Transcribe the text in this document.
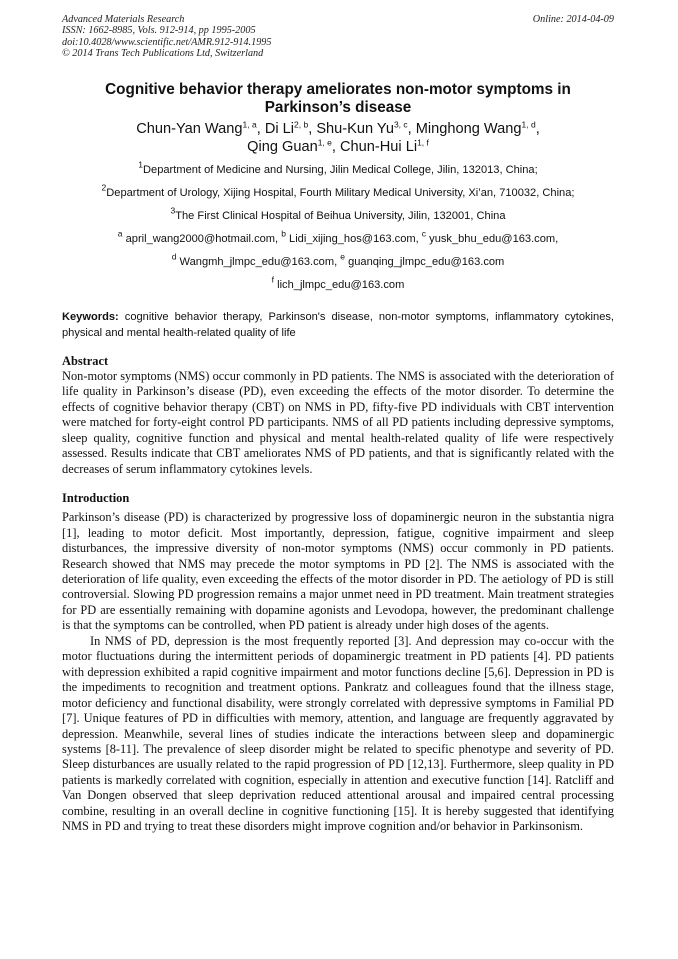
Advanced Materials Research
ISSN: 1662-8985, Vols. 912-914, pp 1995-2005
doi:10.4028/www.scientific.net/AMR.912-914.1995
© 2014 Trans Tech Publications Ltd, Switzerland
Online: 2014-04-09
Cognitive behavior therapy ameliorates non-motor symptoms in Parkinson’s disease
Chun-Yan Wang$^{1, a}$, Di Li$^{2, b}$, Shu-Kun Yu$^{3, c}$, Minghong Wang$^{1, d}$,
Qing Guan$^{1, e}$, Chun-Hui Li$^{1, f}$
$^1$Department of Medicine and Nursing, Jilin Medical College, Jilin, 132013, China;
$^2$Department of Urology, Xijing Hospital, Fourth Military Medical University, Xi’an, 710032, China;
$^3$The First Clinical Hospital of Beihua University, Jilin, 132001, China
$^a$ april_wang2000@hotmail.com, $^b$ Lidi_xijing_hos@163.com, $^c$ yusk_bhu_edu@163.com,
$^d$ Wangmh_jlmpc_edu@163.com, $^e$ guanqing_jlmpc_edu@163.com
$^f$ lich_jlmpc_edu@163.com
Keywords: cognitive behavior therapy, Parkinson's disease, non-motor symptoms, inflammatory cytokines, physical and mental health-related quality of life
Abstract

Non-motor symptoms (NMS) occur commonly in PD patients. The NMS is associated with the deterioration of life quality in Parkinson’s disease (PD), even exceeding the effects of the motor disorder. To determine the effects of cognitive behavior therapy (CBT) on NMS in PD, fifty-five PD individuals with CBT intervention were matched for forty-eight control PD participants. NMS of all PD patients including depressive symptoms, sleep quality, cognitive function and physical and mental health-related quality of life were respectively assessed. Results indicate that CBT ameliorates NMS of PD patients, and that is significantly related with the decreases of serum inflammatory cytokines levels.

Introduction

Parkinson’s disease (PD) is characterized by progressive loss of dopaminergic neuron in the substantia nigra [1], leading to motor deficit. Most importantly, depression, fatigue, cognitive impairment and sleep disturbances, the impressive diversity of non-motor symptoms (NMS) occur commonly in PD patients. Research showed that NMS may precede the motor symptoms in PD [2]. The NMS is associated with the deterioration of life quality, even exceeding the effects of the motor disorder in PD. The aetiology of PD is still controversial. Slowing PD progression remains a major unmet need in PD treatment. Main treatment strategies for PD are essentially remaining with dopamine agonists and Levodopa, however, the predominant challenge is that the symptoms can be controlled, when PD patient is already under high doses of the agents.

In NMS of PD, depression is the most frequently reported [3]. And depression may co-occur with the motor fluctuations during the intermittent periods of dopaminergic treatment in PD patients [4]. PD patients with depression exhibited a rapid cognitive impairment and motor functions decline [5,6]. Depression in PD is the impediments to recognition and treatment options. Pankratz and colleagues found that the illness stage, motor deficiency and functional disability, were strongly correlated with depressive symptoms in Familial PD [7]. Unique features of PD in difficulties with memory, attention, and language are frequently aggravated by depression. Meanwhile, several lines of studies indicate the interactions between sleep and dopaminergic systems [8-11]. The prevalence of sleep disorder might be related to specific phenotype and severity of PD. Sleep disturbances are usually related to the rapid progression of PD [12,13]. Furthermore, sleep quality in PD patients is markedly correlated with cognition, especially in attention and executive function [14]. Ratcliff and Van Dongen observed that sleep deprivation reduced attentional arousal and impaired central processing combine, resulting in an overall decline in cognitive functioning [15]. It is hereby suggested that identifying NMS in PD and trying to treat these disorders might improve cognition and/or behavior in Parkinsonism.
